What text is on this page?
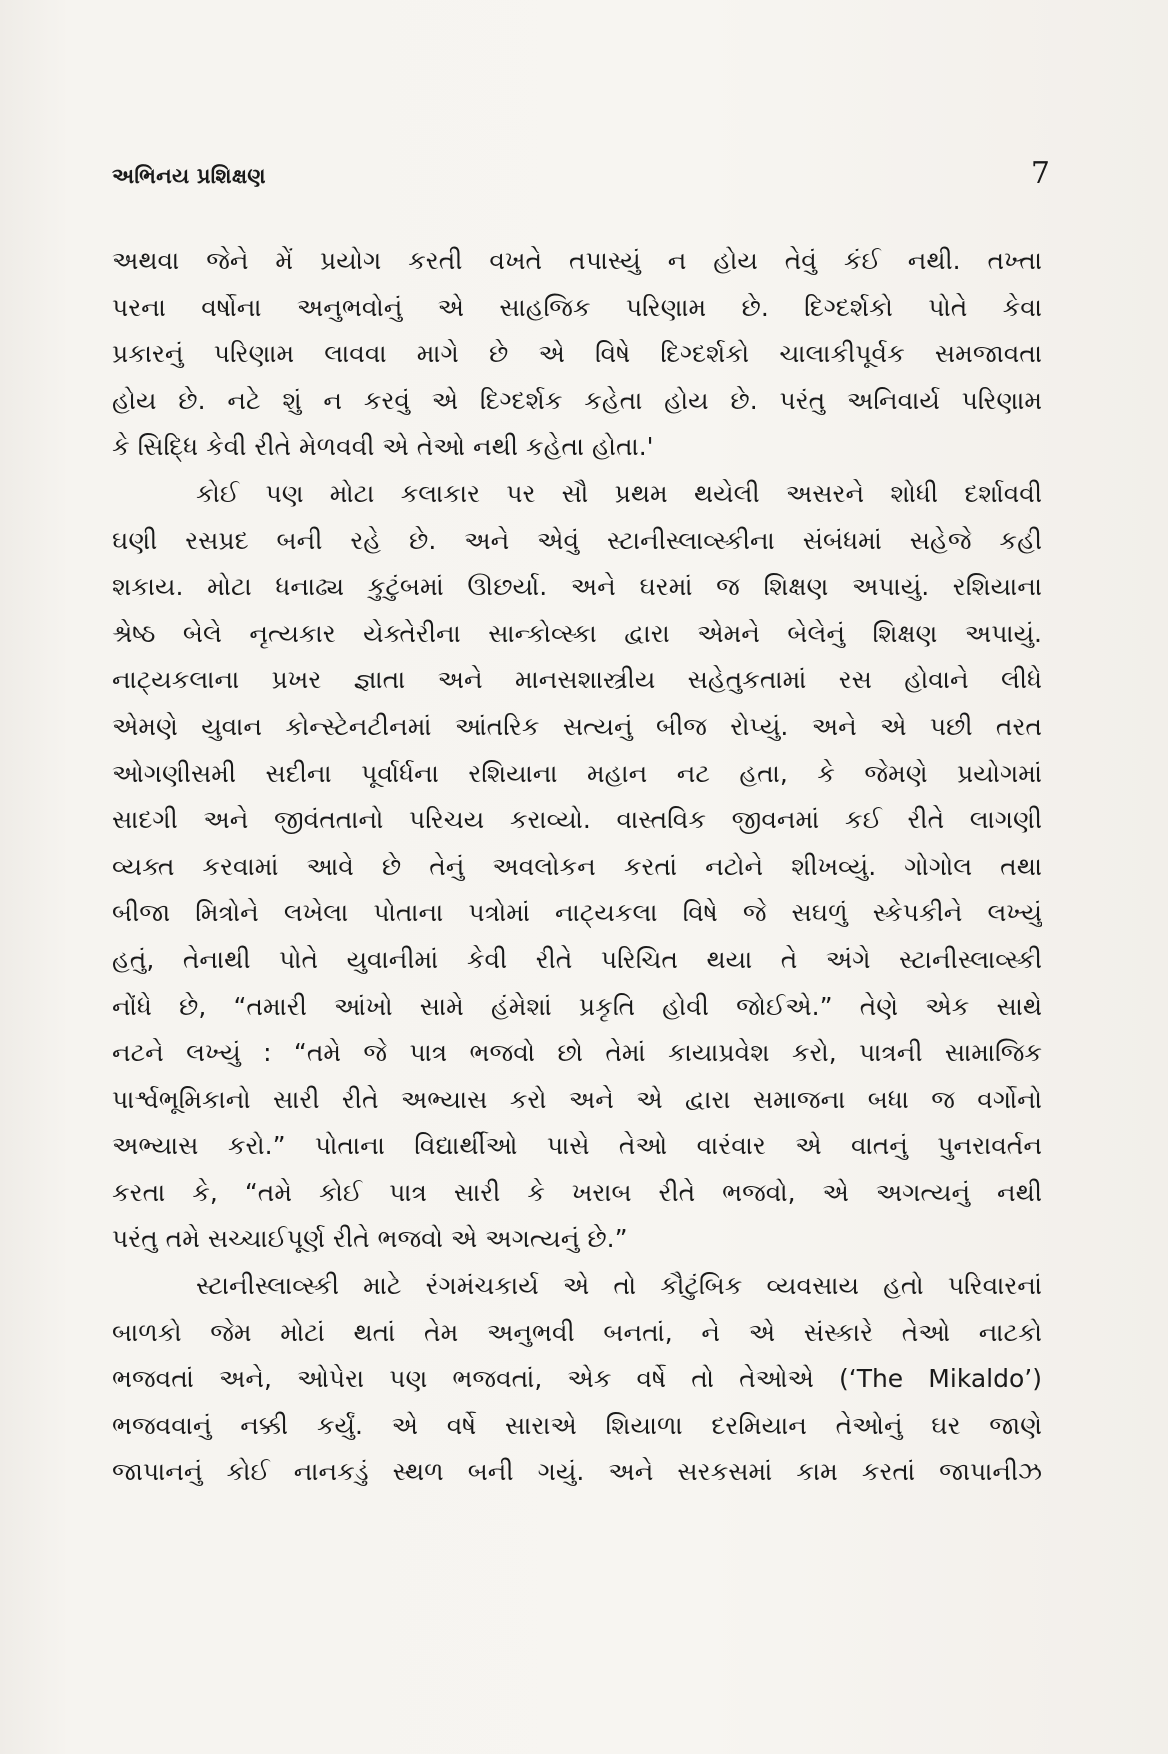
અભિનય પ્રશિક્ષણ	7
અથવા જેને મેં પ્રયોગ કરતી વખતે તપાસ્યું ન હોય તેવું કંઈ નથી. તખ્તા
પરના વર્ષોના અનુભવોનું એ સાહજિક પરિણામ છે. દિગ્દર્શકો પોતે કેવા
પ્રકારનું પરિણામ લાવવા માગે છે એ વિષે દિગ્દર્શકો ચાલાકીપૂર્વક સમજાવતા
હોય છે. નટે શું ન કરવું એ દિગ્દર્શક કહેતા હોય છે. પરંતુ અનિવાર્ય પરિણામ
કે સિદ્ધિ કેવી રીતે મેળવવી એ તેઓ નથી કહેતા હોતા.'
કોઈ પણ મોટા કલાકાર પર સૌ પ્રથમ થયેલી અસરને શોધી દર્શાવવી
ઘણી રસપ્રદ બની રહે છે. અને એવું સ્ટાનીસ્લાવ્સ્કીના સંબંધમાં સહેજે કહી
શકાય. મોટા ધનાઢ્ય કુટુંબમાં ઊછર્યા. અને ઘરમાં જ શિક્ષણ અપાયું. રશિયાના
શ્રેષ્ઠ બેલે નૃત્યકાર યેક્તેરીના સાન્કોવ્સ્કા દ્વારા એમને બેલેનું શિક્ષણ અપાયું.
નાટ્યકલાના પ્રખર જ્ઞાતા અને માનસશાસ્ત્રીય સહેતુકતામાં રસ હોવાને લીધે
એમણે યુવાન કોન્સ્ટેનટીનમાં આંતરિક સત્યનું બીજ રોપ્યું. અને એ પછી તરત
ઓગણીસમી સદીના પૂર્વાર્ધના રશિયાના મહાન નટ હતા, કે જેમણે પ્રયોગમાં
સાદગી અને જીવંતતાનો પરિચય કરાવ્યો. વાસ્તવિક જીવનમાં કઈ રીતે લાગણી
વ્યક્ત કરવામાં આવે છે તેનું અવલોકન કરતાં નટોને શીખવ્યું. ગોગોલ તથા
બીજા મિત્રોને લખેલા પોતાના પત્રોમાં નાટ્યકલા વિષે જે સઘળું સ્કેપકીને લખ્યું
હતું, તેનાથી પોતે યુવાનીમાં કેવી રીતે પરિચિત થયા તે અંગે સ્ટાનીસ્લાવ્સ્કી
નોંધે છે, “તમારી આંખો સામે હંમેશાં પ્રકૃતિ હોવી જોઈએ.” તેણે એક સાથે
નટને લખ્યું : “તમે જે પાત્ર ભજવો છો તેમાં કાયાપ્રવેશ કરો, પાત્રની સામાજિક
પાર્શ્વભૂમિકાનો સારી રીતે અભ્યાસ કરો અને એ દ્વારા સમાજના બધા જ વર્ગોનો
અભ્યાસ કરો.” પોતાના વિદ્યાર્થીઓ પાસે તેઓ વારંવાર એ વાતનું પુનરાવર્તન
કરતા કે, “તમે કોઈ પાત્ર સારી કે ખરાબ રીતે ભજવો, એ અગત્યનું નથી
પરંતુ તમે સચ્ચાઈપૂર્ણ રીતે ભજવો એ અગત્યનું છે.”
સ્ટાનીસ્લાવ્સ્કી માટે રંગમંચકાર્ય એ તો કૌટુંબિક વ્યવસાય હતો પરિવારનાં
બાળકો જેમ મોટાં થતાં તેમ અનુભવી બનતાં, ને એ સંસ્કારે તેઓ નાટકો
ભજવતાં અને, ઓપેરા પણ ભજવતાં, એક વર્ષે તો તેઓએ (‘The Mikaldo’)
ભજવવાનું નક્કી કર્યું. એ વર્ષે સારાએ શિયાળા દરમિયાન તેઓનું ઘર જાણે
જાપાનનું કોઈ નાનકડું સ્થળ બની ગયું. અને સરકસમાં કામ કરતાં જાપાનીઝ
